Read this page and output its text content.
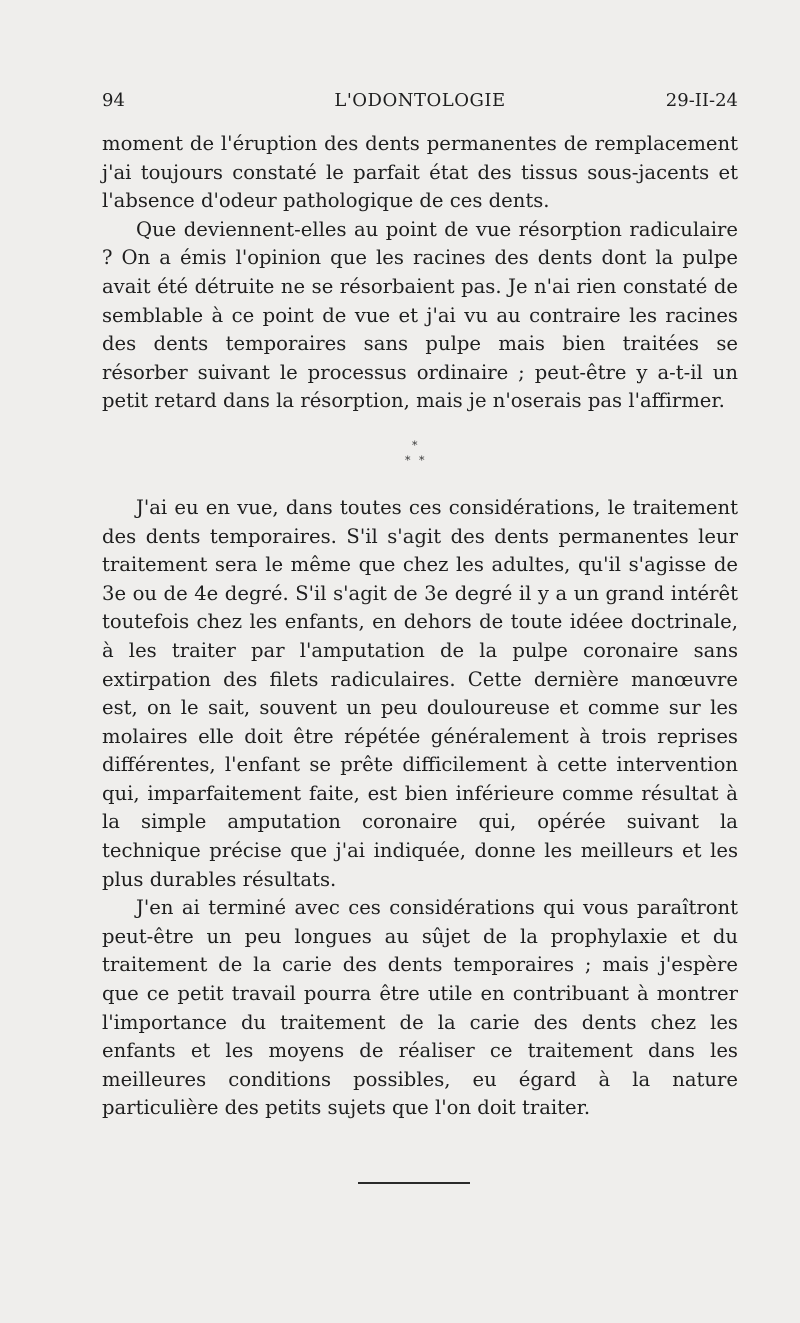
94	L'ODONTOLOGIE	29-II-24

moment de l'éruption des dents permanentes de remplacement j'ai toujours constaté le parfait état des tissus sous-jacents et l'absence d'odeur pathologique de ces dents.

Que deviennent-elles au point de vue résorption radiculaire ? On a émis l'opinion que les racines des dents dont la pulpe avait été détruite ne se résorbaient pas. Je n'ai rien constaté de semblable à ce point de vue et j'ai vu au contraire les racines des dents temporaires sans pulpe mais bien traitées se résorber suivant le processus ordinaire ; peut-être y a-t-il un petit retard dans la résorption, mais je n'oserais pas l'affirmer.

*
* *

J'ai eu en vue, dans toutes ces considérations, le traitement des dents temporaires. S'il s'agit des dents permanentes leur traitement sera le même que chez les adultes, qu'il s'agisse de 3e ou de 4e degré. S'il s'agit de 3e degré il y a un grand intérêt toutefois chez les enfants, en dehors de toute idéee doctrinale, à les traiter par l'amputation de la pulpe coronaire sans extirpation des filets radiculaires. Cette dernière manœuvre est, on le sait, souvent un peu douloureuse et comme sur les molaires elle doit être répétée généralement à trois reprises différentes, l'enfant se prête difficilement à cette intervention qui, imparfaitement faite, est bien inférieure comme résultat à la simple amputation coronaire qui, opérée suivant la technique précise que j'ai indiquée, donne les meilleurs et les plus durables résultats.

J'en ai terminé avec ces considérations qui vous paraîtront peut-être un peu longues au sûjet de la prophylaxie et du traitement de la carie des dents temporaires ; mais j'espère que ce petit travail pourra être utile en contribuant à montrer l'importance du traitement de la carie des dents chez les enfants et les moyens de réaliser ce traitement dans les meilleures conditions possibles, eu égard à la nature particulière des petits sujets que l'on doit traiter.
